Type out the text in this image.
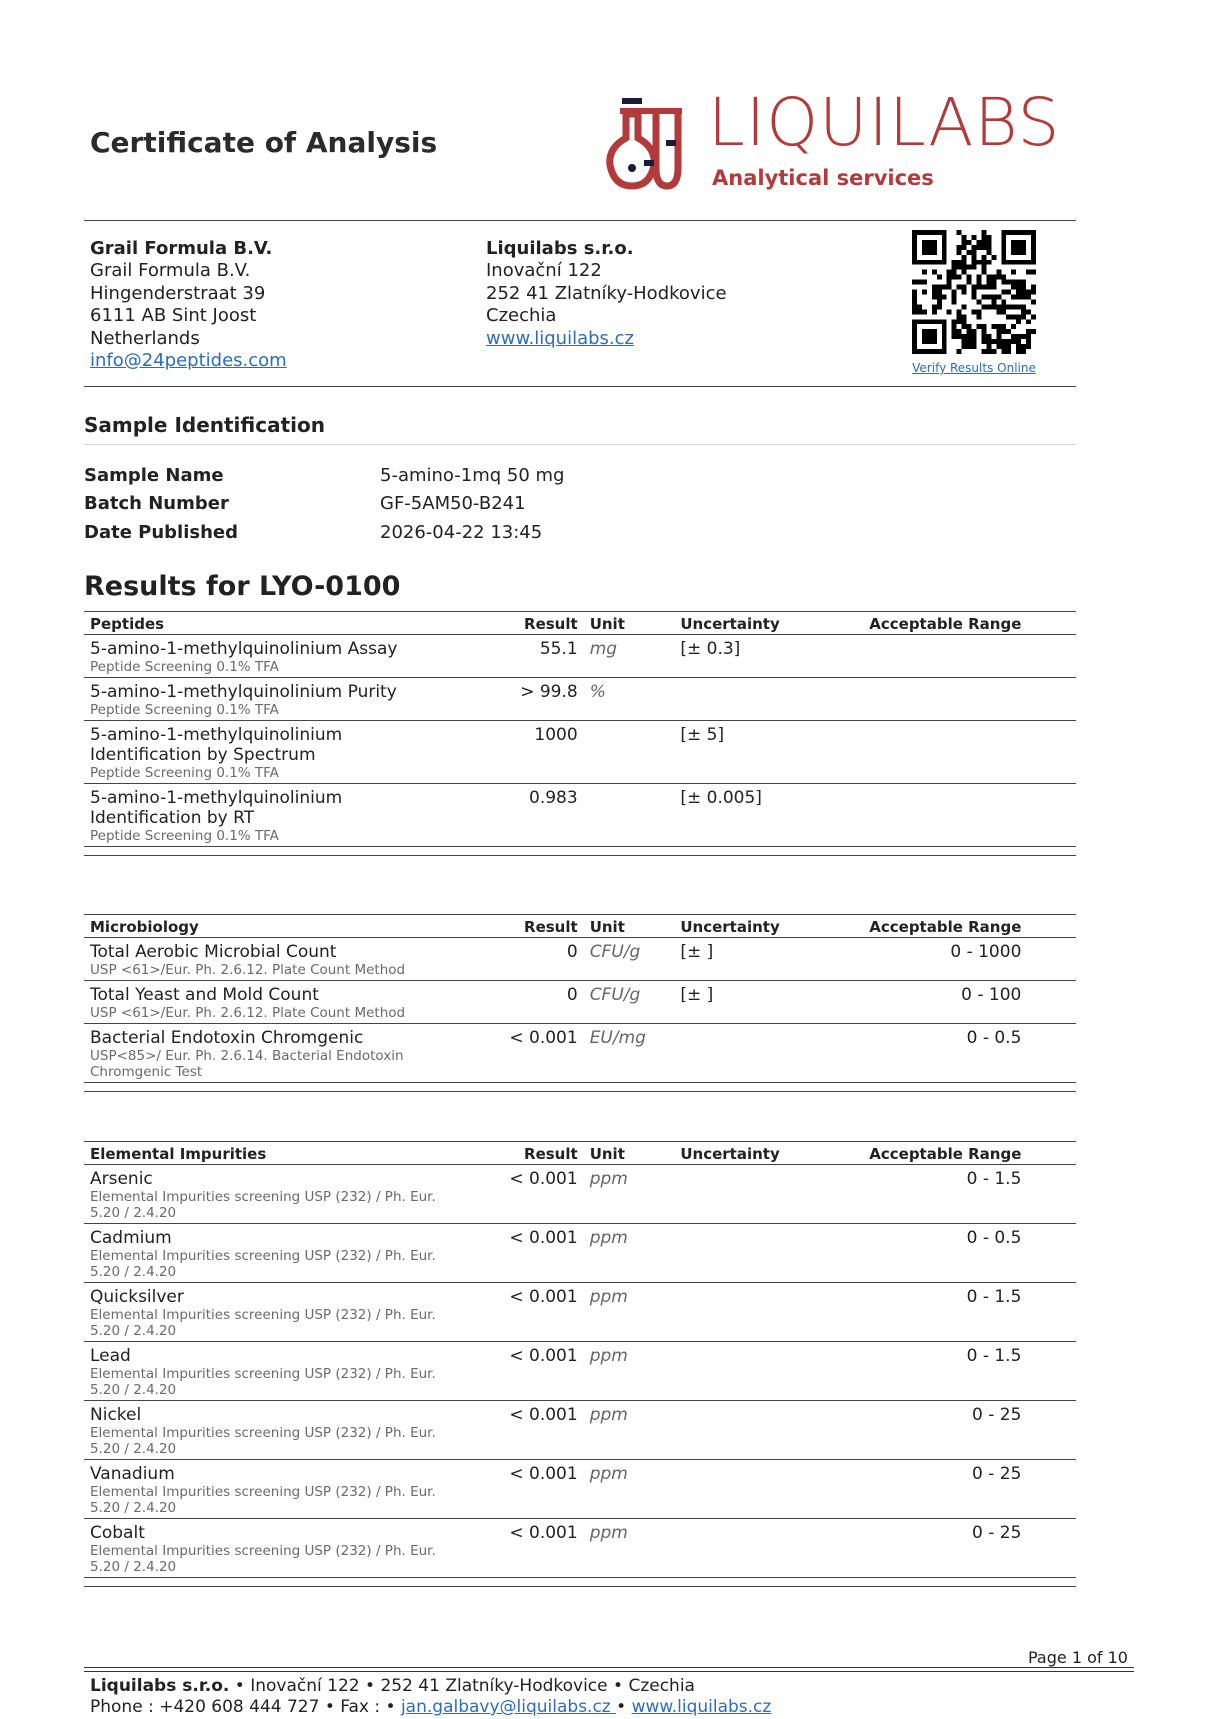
Certificate of Analysis	LIQUILABS
Analytical services
Grail Formula B.V.
Grail Formula B.V.
Hingenderstraat 39
6111 AB Sint Joost
Netherlands
info@24peptides.com
Liquilabs s.r.o.
Inovační 122
252 41 Zlatníky-Hodkovice
Czechia
www.liquilabs.cz
Verify Results Online
Sample Identification
Sample Name	5-amino-1mq 50 mg
Batch Number	GF-5AM50-B241
Date Published	2026-04-22 13:45
Results for LYO-0100
Peptides	Result	Unit	Uncertainty	Acceptable Range	

5-amino-1-methylquinolinium Assay
Peptide Screening 0.1% TFA	55.1	mg	[± 0.3]		

5-amino-1-methylquinolinium Purity
Peptide Screening 0.1% TFA	> 99.8	%			

5-amino-1-methylquinolinium Identification by Spectrum
Peptide Screening 0.1% TFA	1000		[± 5]		

5-amino-1-methylquinolinium Identification by RT
Peptide Screening 0.1% TFA	0.983		[± 0.005]		
Microbiology	Result	Unit	Uncertainty	Acceptable Range	

Total Aerobic Microbial Count
USP <61>/Eur. Ph. 2.6.12. Plate Count Method	0	CFU/g	[± ]	0 - 1000	

Total Yeast and Mold Count
USP <61>/Eur. Ph. 2.6.12. Plate Count Method	0	CFU/g	[± ]	0 - 100	

Bacterial Endotoxin Chromgenic
USP<85>/ Eur. Ph. 2.6.14. Bacterial Endotoxin Chromgenic Test	< 0.001	EU/mg		0 - 0.5	
Elemental Impurities	Result	Unit	Uncertainty	Acceptable Range	

Arsenic
Elemental Impurities screening USP (232) / Ph. Eur. 5.20 / 2.4.20	< 0.001	ppm		0 - 1.5	

Cadmium
Elemental Impurities screening USP (232) / Ph. Eur. 5.20 / 2.4.20	< 0.001	ppm		0 - 0.5	

Quicksilver
Elemental Impurities screening USP (232) / Ph. Eur. 5.20 / 2.4.20	< 0.001	ppm		0 - 1.5	

Lead
Elemental Impurities screening USP (232) / Ph. Eur. 5.20 / 2.4.20	< 0.001	ppm		0 - 1.5	

Nickel
Elemental Impurities screening USP (232) / Ph. Eur. 5.20 / 2.4.20	< 0.001	ppm		0 - 25	

Vanadium
Elemental Impurities screening USP (232) / Ph. Eur. 5.20 / 2.4.20	< 0.001	ppm		0 - 25	

Cobalt
Elemental Impurities screening USP (232) / Ph. Eur. 5.20 / 2.4.20	< 0.001	ppm		0 - 25	
Page 1 of 10
Liquilabs s.r.o. • Inovační 122 • 252 41 Zlatníky-Hodkovice • Czechia
Phone : +420 608 444 727 • Fax : • jan.galbavy@liquilabs.cz • www.liquilabs.cz
